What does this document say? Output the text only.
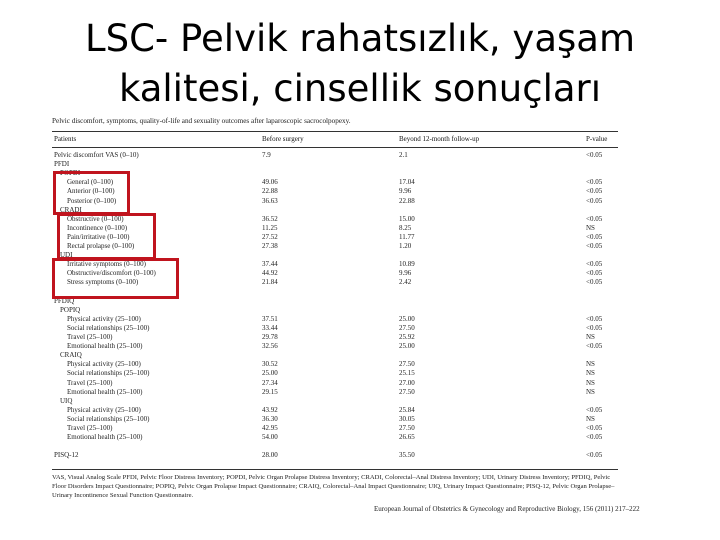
LSC- Pelvik rahatsızlık, yaşam
kalitesi, cinsellik sonuçları
Pelvic discomfort, symptoms, quality-of-life and sexuality outcomes after laparoscopic sacrocolpopexy.
Patients	Before surgery	Beyond 12-month follow-up	P-value
Pelvic discomfort VAS (0–10)	7.9	2.1	<0.05
PFDI
POPDI
General (0–100)	49.06	17.04	<0.05
Anterior (0–100)	22.88	9.96	<0.05
Posterior (0–100)	36.63	22.88	<0.05
CRADI
Obstructive (0–100)	36.52	15.00	<0.05
Incontinence (0–100)	11.25	8.25	NS
Pain/irritative (0–100)	27.52	11.77	<0.05
Rectal prolapse (0–100)	27.38	1.20	<0.05
UDI
Irritative symptoms (0–100)	37.44	10.89	<0.05
Obstructive/discomfort (0–100)	44.92	9.96	<0.05
Stress symptoms (0–100)	21.84	2.42	<0.05
PFDIQ
POPIQ
Physical activity (25–100)	37.51	25.00	<0.05
Social relationships (25–100)	33.44	27.50	<0.05
Travel (25–100)	29.78	25.92	NS
Emotional health (25–100)	32.56	25.00	<0.05
CRAIQ
Physical activity (25–100)	30.52	27.50	NS
Social relationships (25–100)	25.00	25.15	NS
Travel (25–100)	27.34	27.00	NS
Emotional health (25–100)	29.15	27.50	NS
UIQ
Physical activity (25–100)	43.92	25.84	<0.05
Social relationships (25–100)	36.30	30.05	NS
Travel (25–100)	42.95	27.50	<0.05
Emotional health (25–100)	54.00	26.65	<0.05
PISQ-12	28.00	35.50	<0.05
VAS, Visual Analog Scale PFDI, Pelvic Floor Distress Inventory; POPDI, Pelvic Organ Prolapse Distress Inventory; CRADI, Colorectal–Anal Distress Inventory; UDI, Urinary Distress Inventory; PFDIQ, Pelvic Floor Disorders Impact Questionnaire; POPIQ, Pelvic Organ Prolapse Impact Questionnaire; CRAIQ, Colorectal–Anal Impact Questionnaire; UIQ, Urinary Impact Questionnaire; PISQ-12, Pelvic Organ Prolapse–Urinary Incontinence Sexual Function Questionnaire.
European Journal of Obstetrics & Gynecology and Reproductive Biology, 156 (2011) 217–222
